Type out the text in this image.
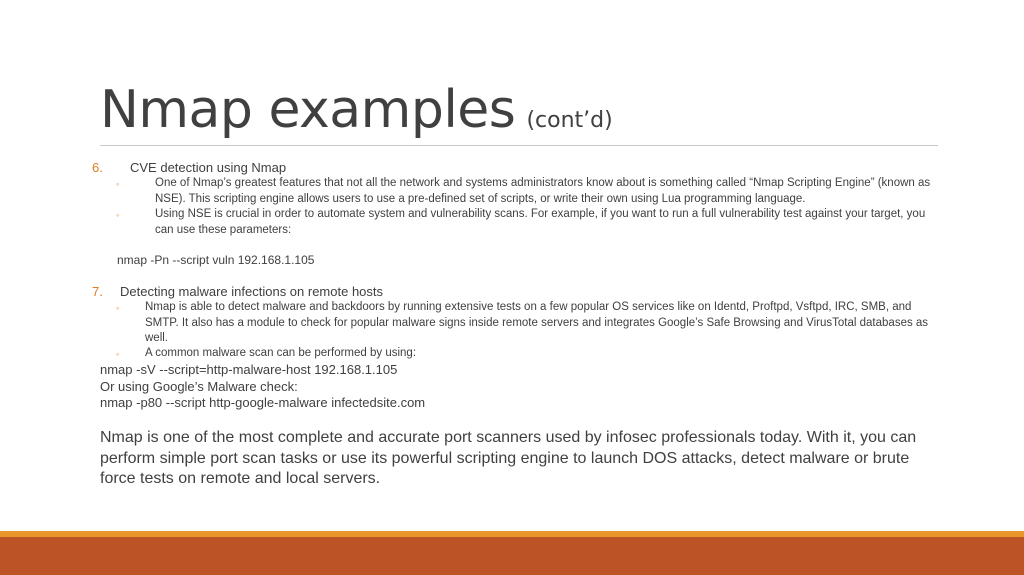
Nmap examples (cont’d)
6. CVE detection using Nmap
◦	One of Nmap’s greatest features that not all the network and systems administrators know about is something called “Nmap Scripting Engine” (known as NSE). This scripting engine allows users to use a pre-defined set of scripts, or write their own using Lua programming language.
◦	Using NSE is crucial in order to automate system and vulnerability scans. For example, if you want to run a full vulnerability test against your target, you can use these parameters:
nmap -Pn --script vuln 192.168.1.105
7. Detecting malware infections on remote hosts
◦ Nmap is able to detect malware and backdoors by running extensive tests on a few popular OS services like on Identd, Proftpd, Vsftpd, IRC, SMB, and SMTP. It also has a module to check for popular malware signs inside remote servers and integrates Google’s Safe Browsing and VirusTotal databases as well.
◦ A common malware scan can be performed by using:
nmap -sV --script=http-malware-host 192.168.1.105
Or using Google’s Malware check:
nmap -p80 --script http-google-malware infectedsite.com
Nmap is one of the most complete and accurate port scanners used by infosec professionals today. With it, you can perform simple port scan tasks or use its powerful scripting engine to launch DOS attacks, detect malware or brute force tests on remote and local servers.
